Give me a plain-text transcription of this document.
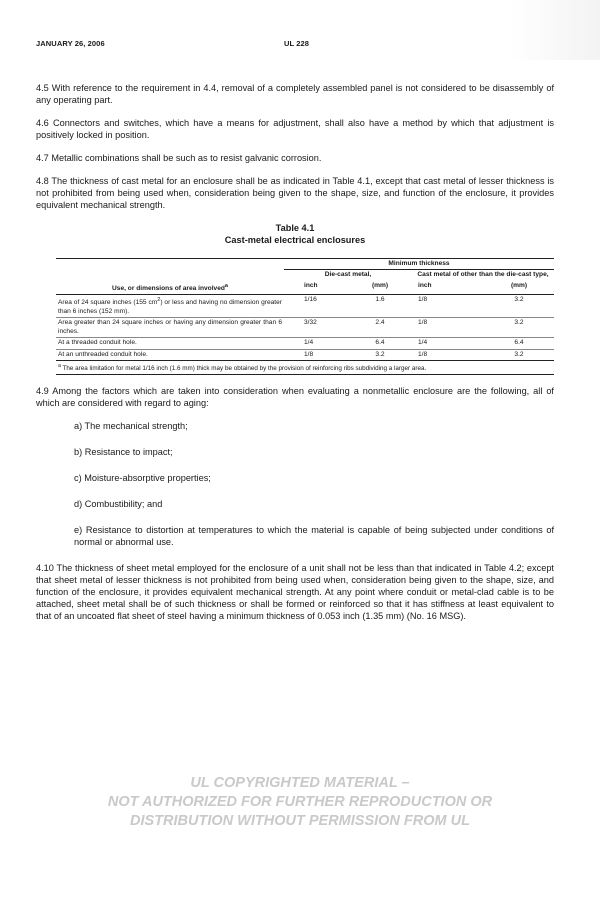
JANUARY 26, 2006	UL 228

4.5 With reference to the requirement in 4.4, removal of a completely assembled panel is not considered to be disassembly of any operating part.

4.6 Connectors and switches, which have a means for adjustment, shall also have a method by which that adjustment is positively locked in position.

4.7 Metallic combinations shall be such as to resist galvanic corrosion.

4.8 The thickness of cast metal for an enclosure shall be as indicated in Table 4.1, except that cast metal of lesser thickness is not prohibited from being used when, consideration being given to the shape, size, and function of the enclosure, it provides equivalent mechanical strength.

Table 4.1
Cast-metal electrical enclosures
	Minimum thickness			
	Die-cast metal,		Cast metal of other than the die-cast type,	
Use, or dimensions of area involved$^a$	inch	(mm)	inch	(mm)
Area of 24 square inches (155 $cm^2$) or less and having no dimension greater than 6 inches (152 mm).	1/16	1.6	1/8	3.2
Area greater than 24 square inches or having any dimension greater than 6 inches.	3/32	2.4	1/8	3.2
At a threaded conduit hole.	1/4	6.4	1/4	6.4
At an unthreaded conduit hole.	1/8	3.2	1/8	3.2
$^a$ The area limitation for metal 1/16 inch (1.6 mm) thick may be obtained by the provision of reinforcing ribs subdividing a larger area.				

4.9 Among the factors which are taken into consideration when evaluating a nonmetallic enclosure are the following, all of which are considered with regard to aging:

a) The mechanical strength;
b) Resistance to impact;
c) Moisture-absorptive properties;
d) Combustibility; and
e) Resistance to distortion at temperatures to which the material is capable of being subjected under conditions of normal or abnormal use.

4.10 The thickness of sheet metal employed for the enclosure of a unit shall not be less than that indicated in Table 4.2; except that sheet metal of lesser thickness is not prohibited from being used when, consideration being given to the shape, size, and function of the enclosure, it provides equivalent mechanical strength. At any point where conduit or metal-clad cable is to be attached, sheet metal shall be of such thickness or shall be formed or reinforced so that it has stiffness at least equivalent to that of an uncoated flat sheet of steel having a minimum thickness of 0.053 inch (1.35 mm) (No. 16 MSG).

UL COPYRIGHTED MATERIAL –
NOT AUTHORIZED FOR FURTHER REPRODUCTION OR
DISTRIBUTION WITHOUT PERMISSION FROM UL
